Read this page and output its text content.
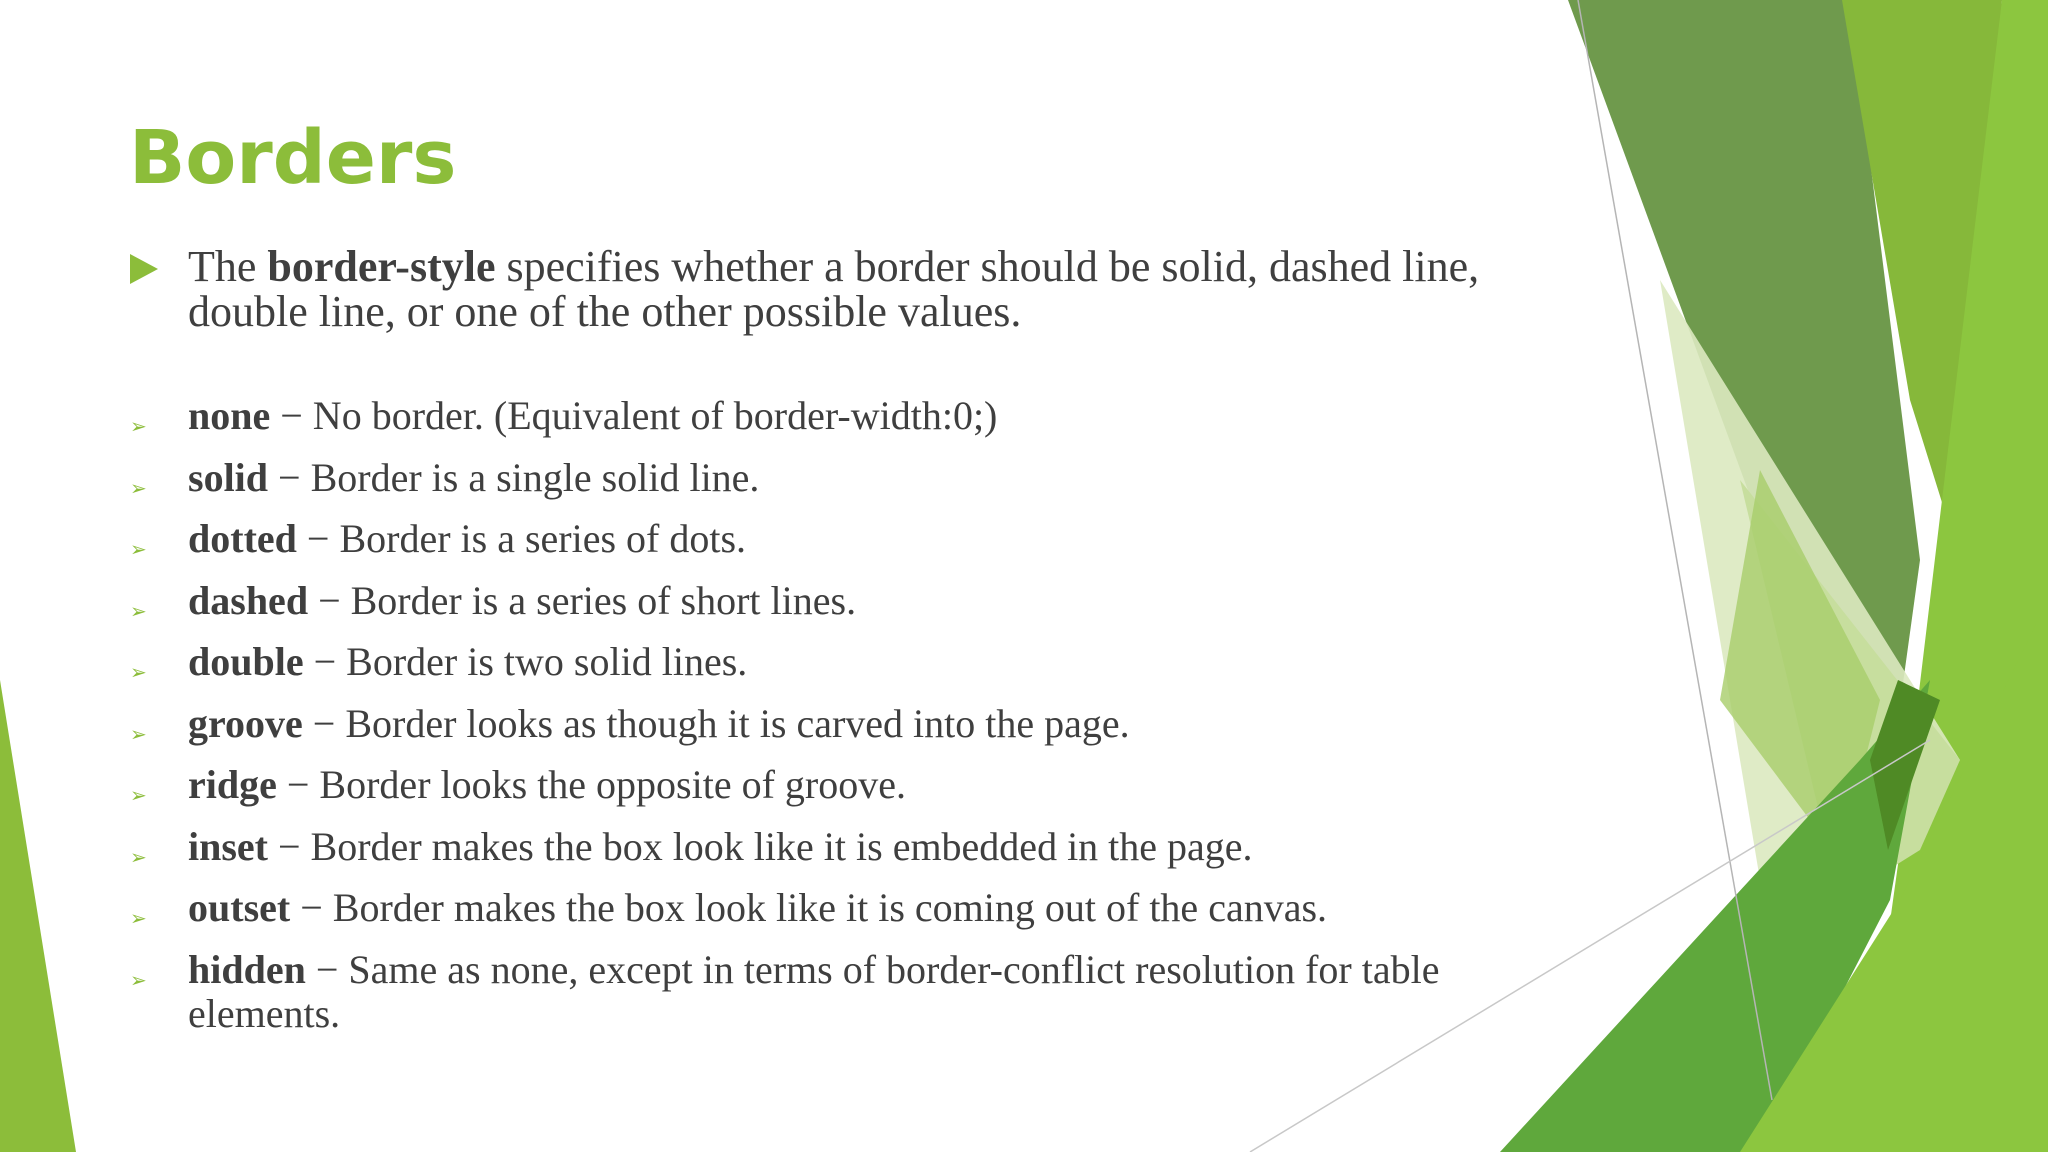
Borders
The border-style specifies whether a border should be solid, dashed line, double line, or one of the other possible values.
➢	none − No border. (Equivalent of border-width:0;)
➢	solid − Border is a single solid line.
➢	dotted − Border is a series of dots.
➢	dashed − Border is a series of short lines.
➢	double − Border is two solid lines.
➢	groove − Border looks as though it is carved into the page.
➢	ridge − Border looks the opposite of groove.
➢	inset − Border makes the box look like it is embedded in the page.
➢	outset − Border makes the box look like it is coming out of the canvas.
➢	hidden − Same as none, except in terms of border-conflict resolution for table elements.
